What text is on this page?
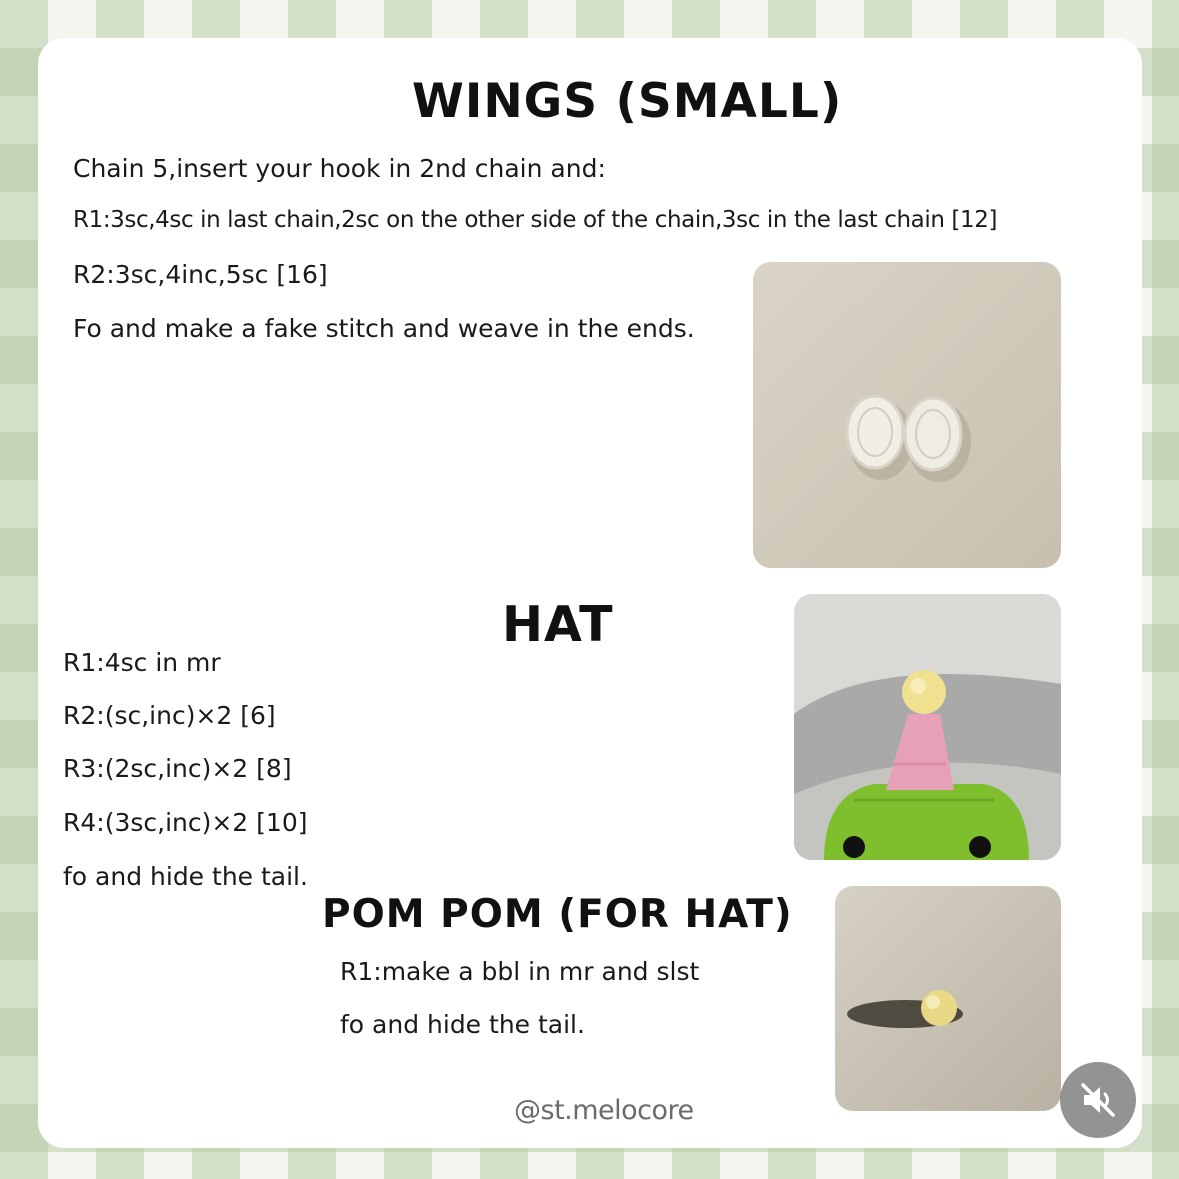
WINGS (SMALL)

Chain 5,insert your hook in 2nd chain and:

R1:3sc,4sc in last chain,2sc on the other side of the chain,3sc in the last chain [12]

R2:3sc,4inc,5sc [16]

Fo and make a fake stitch and weave in the ends.

HAT

R1:4sc in mr

R2:(sc,inc)×2 [6]

R3:(2sc,inc)×2 [8]

R4:(3sc,inc)×2 [10]

fo and hide the tail.

POM POM (FOR HAT)

R1:make a bbl in mr and slst

fo and hide the tail.

@st.melocore
